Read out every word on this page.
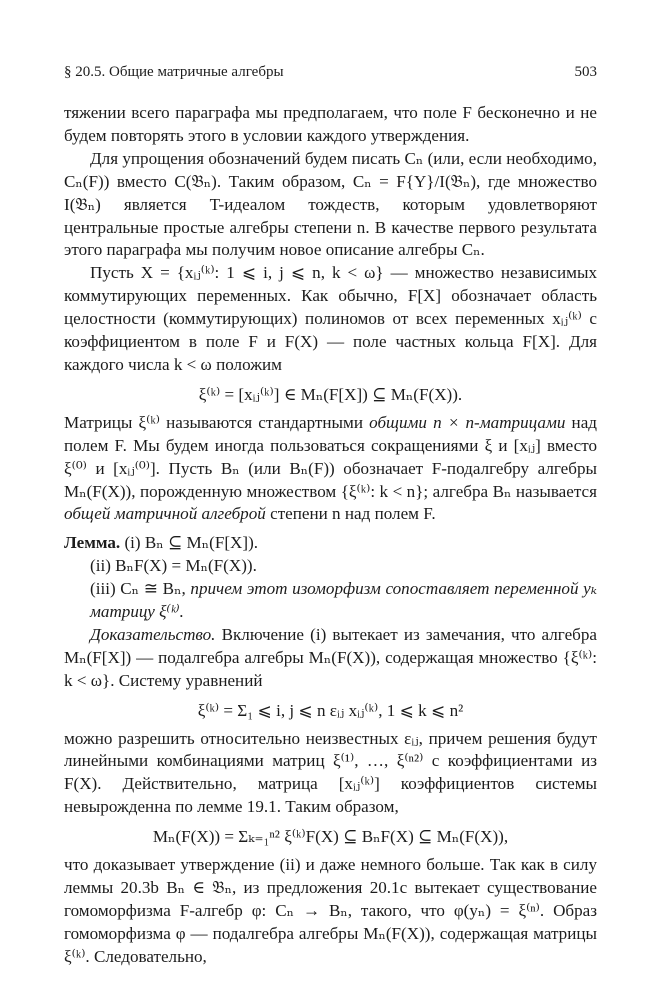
§ 20.5. Общие матричные алгебры	503

тяжении всего параграфа мы предполагаем, что поле F бесконечно и не будем повторять этого в условии каждого утверждения.

Для упрощения обозначений будем писать Cₙ (или, если необходимо, Cₙ(F)) вместо C(𝔅ₙ). Таким образом, Cₙ = F{Y}/I(𝔅ₙ), где множество I(𝔅ₙ) является T-идеалом тождеств, которым удовлетворяют центральные простые алгебры степени n. В качестве первого результата этого параграфа мы получим новое описание алгебры Cₙ.

Пусть X = {xᵢⱼ⁽ᵏ⁾: 1 ⩽ i, j ⩽ n, k < ω} — множество независимых коммутирующих переменных. Как обычно, F[X] обозначает область целостности (коммутирующих) полиномов от всех переменных xᵢⱼ⁽ᵏ⁾ с коэффициентом в поле F и F(X) — поле частных кольца F[X]. Для каждого числа k < ω положим

ξ⁽ᵏ⁾ = [xᵢⱼ⁽ᵏ⁾] ∈ Mₙ(F[X]) ⊆ Mₙ(F(X)).

Матрицы ξ⁽ᵏ⁾ называются стандартными общими n × n-матрицами над полем F. Мы будем иногда пользоваться сокращениями ξ и [xᵢⱼ] вместо ξ⁽⁰⁾ и [xᵢⱼ⁽⁰⁾]. Пусть Bₙ (или Bₙ(F)) обозначает F-подалгебру алгебры Mₙ(F(X)), порожденную множеством {ξ⁽ᵏ⁾: k < n}; алгебра Bₙ называется общей матричной алгеброй степени n над полем F.

Лемма. (i) Bₙ ⊆ Mₙ(F[X]).

(ii) BₙF(X) = Mₙ(F(X)).

(iii) Cₙ ≅ Bₙ, причем этот изоморфизм сопоставляет переменной yₖ матрицу ξ⁽ᵏ⁾.

Доказательство. Включение (i) вытекает из замечания, что алгебра Mₙ(F[X]) — подалгебра алгебры Mₙ(F(X)), содержащая множество {ξ⁽ᵏ⁾: k < ω}. Систему уравнений

ξ⁽ᵏ⁾ = Σ₁ ⩽ i, j ⩽ n εᵢⱼ xᵢⱼ⁽ᵏ⁾, 1 ⩽ k ⩽ n²

можно разрешить относительно неизвестных εᵢⱼ, причем решения будут линейными комбинациями матриц ξ⁽¹⁾, …, ξ⁽ⁿ²⁾ с коэффициентами из F(X). Действительно, матрица [xᵢⱼ⁽ᵏ⁾] коэффициентов системы невырожденна по лемме 19.1. Таким образом,

Mₙ(F(X)) = Σₖ₌₁ⁿ² ξ⁽ᵏ⁾F(X) ⊆ BₙF(X) ⊆ Mₙ(F(X)),

что доказывает утверждение (ii) и даже немного больше. Так как в силу леммы 20.3b Bₙ ∈ 𝔅ₙ, из предложения 20.1c вытекает существование гомоморфизма F-алгебр φ: Cₙ → Bₙ, такого, что φ(yₙ) = ξ⁽ⁿ⁾. Образ гомоморфизма φ — подалгебра алгебры Mₙ(F(X)), содержащая матрицы ξ⁽ᵏ⁾. Следовательно,
